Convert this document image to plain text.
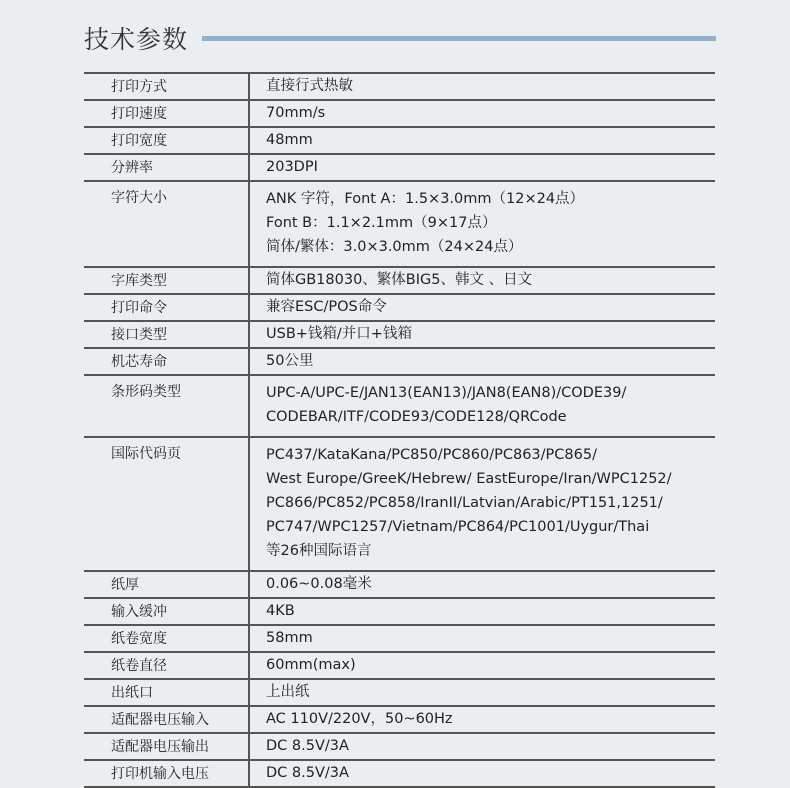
技术参数
打印方式	直接行式热敏
打印速度	70mm/s
打印宽度	48mm
分辨率	203DPI
字符大小	ANK 字符，Font A：1.5×3.0mm（12×24点）
Font B：1.1×2.1mm（9×17点）
简体/繁体：3.0×3.0mm（24×24点）
字库类型	简体GB18030、繁体BIG5、韩文 、日文
打印命令	兼容ESC/POS命令
接口类型	USB+钱箱/并口+钱箱
机芯寿命	50公里
条形码类型	UPC-A/UPC-E/JAN13(EAN13)/JAN8(EAN8)/CODE39/
CODEBAR/ITF/CODE93/CODE128/QRCode
国际代码页	PC437/KataKana/PC850/PC860/PC863/PC865/
West Europe/GreeK/Hebrew/ EastEurope/Iran/WPC1252/
PC866/PC852/PC858/IranII/Latvian/Arabic/PT151,1251/
PC747/WPC1257/Vietnam/PC864/PC1001/Uygur/Thai
等26种国际语言
纸厚	0.06~0.08毫米
输入缓冲	4KB
纸卷宽度	58mm
纸卷直径	60mm(max)
出纸口	上出纸
适配器电压输入	AC 110V/220V，50~60Hz
适配器电压输出	DC 8.5V/3A
打印机输入电压	DC 8.5V/3A
